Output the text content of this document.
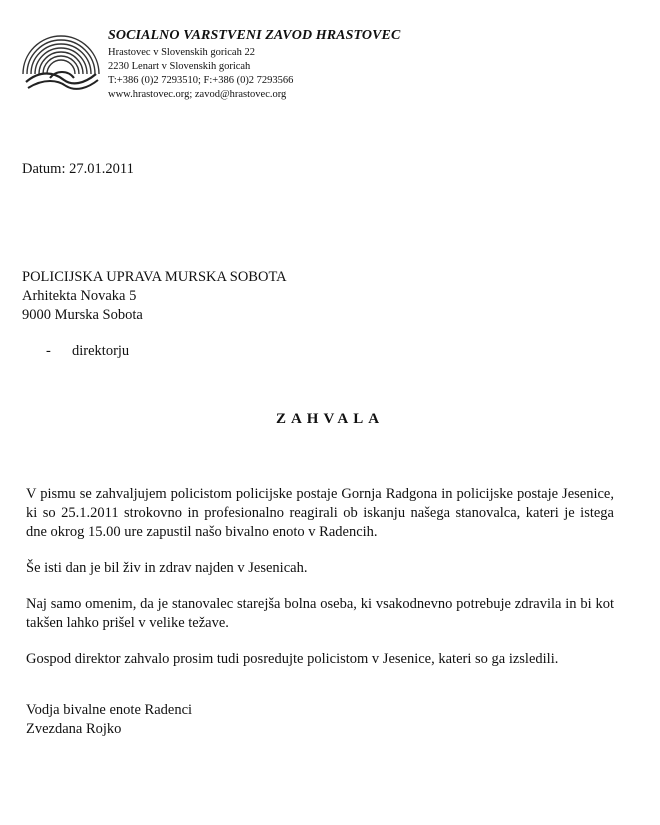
SOCIALNO VARSTVENI ZAVOD HRASTOVEC
Hrastovec v Slovenskih goricah 22
2230 Lenart v Slovenskih goricah
T:+386 (0)2 7293510; F:+386 (0)2 7293566
www.hrastovec.org; zavod@hrastovec.org
Datum: 27.01.2011
POLICIJSKA UPRAVA MURSKA SOBOTA
Arhitekta Novaka 5
9000 Murska Sobota
- direktorju
ZAHVALA

V pismu se zahvaljujem policistom policijske postaje Gornja Radgona in policijske postaje Jesenice, ki so 25.1.2011 strokovno in profesionalno reagirali ob iskanju našega stanovalca, kateri je istega dne okrog 15.00 ure zapustil našo bivalno enoto v Radencih.

Še isti dan je bil živ in zdrav najden v Jesenicah.

Naj samo omenim, da je stanovalec starejša bolna oseba, ki vsakodnevno potrebuje zdravila in bi kot takšen lahko prišel v velike težave.

Gospod direktor zahvalo prosim tudi posredujte policistom v Jesenice, kateri so ga izsledili.

Vodja bivalne enote Radenci
Zvezdana Rojko
